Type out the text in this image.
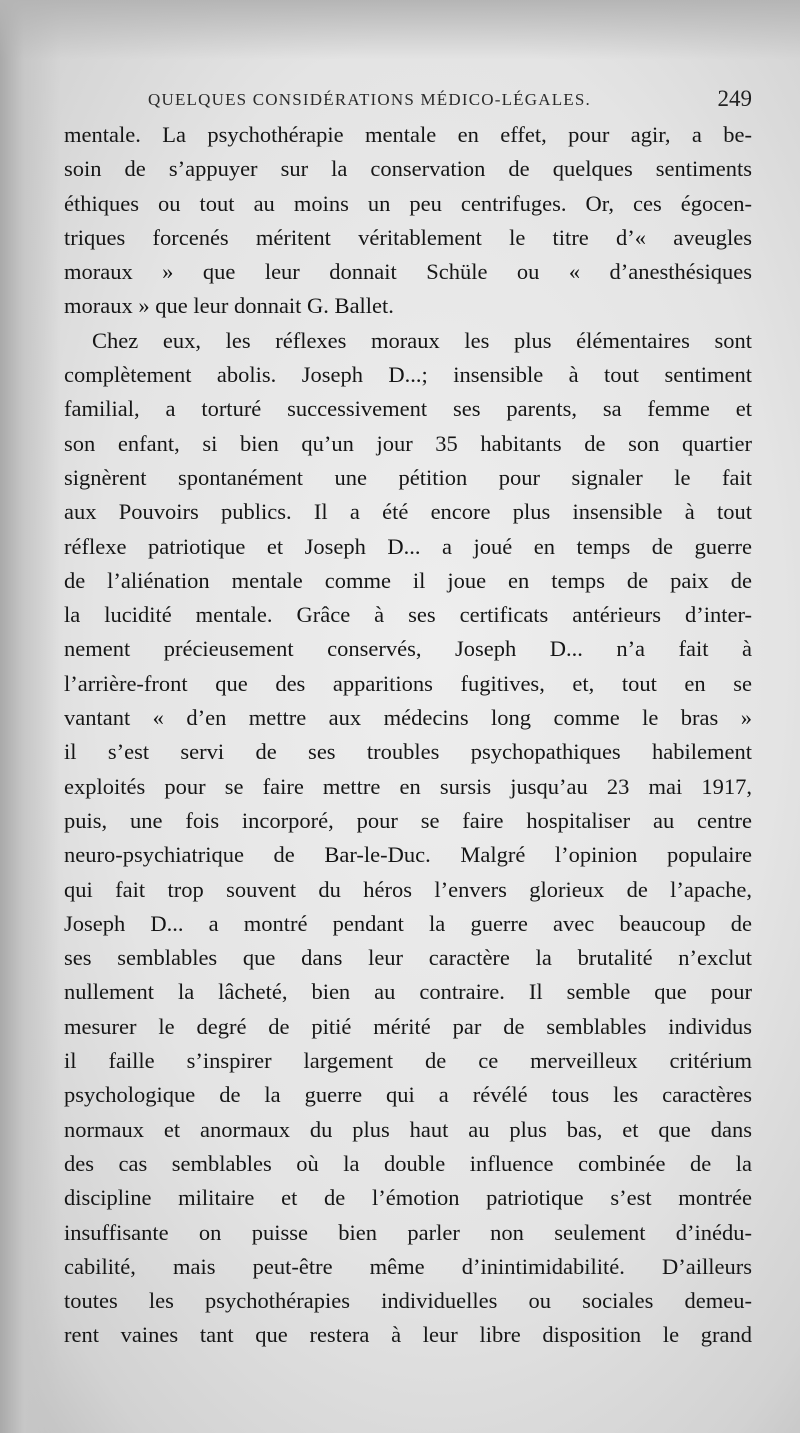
QUELQUES CONSIDÉRATIONS MÉDICO-LÉGALES.	249
mentale. La psychothérapie mentale en effet, pour agir, a be-
soin de s’appuyer sur la conservation de quelques sentiments
éthiques ou tout au moins un peu centrifuges. Or, ces égocen-
triques forcenés méritent véritablement le titre d’« aveugles
moraux » que leur donnait Schüle ou « d’anesthésiques
moraux » que leur donnait G. Ballet.
Chez eux, les réflexes moraux les plus élémentaires sont
complètement abolis. Joseph D...; insensible à tout sentiment
familial, a torturé successivement ses parents, sa femme et
son enfant, si bien qu’un jour 35 habitants de son quartier
signèrent spontanément une pétition pour signaler le fait
aux Pouvoirs publics. Il a été encore plus insensible à tout
réflexe patriotique et Joseph D... a joué en temps de guerre
de l’aliénation mentale comme il joue en temps de paix de
la lucidité mentale. Grâce à ses certificats antérieurs d’inter-
nement précieusement conservés, Joseph D... n’a fait à
l’arrière-front que des apparitions fugitives, et, tout en se
vantant « d’en mettre aux médecins long comme le bras »
il s’est servi de ses troubles psychopathiques habilement
exploités pour se faire mettre en sursis jusqu’au 23 mai 1917,
puis, une fois incorporé, pour se faire hospitaliser au centre
neuro-psychiatrique de Bar-le-Duc. Malgré l’opinion populaire
qui fait trop souvent du héros l’envers glorieux de l’apache,
Joseph D... a montré pendant la guerre avec beaucoup de
ses semblables que dans leur caractère la brutalité n’exclut
nullement la lâcheté, bien au contraire. Il semble que pour
mesurer le degré de pitié mérité par de semblables individus
il faille s’inspirer largement de ce merveilleux critérium
psychologique de la guerre qui a révélé tous les caractères
normaux et anormaux du plus haut au plus bas, et que dans
des cas semblables où la double influence combinée de la
discipline militaire et de l’émotion patriotique s’est montrée
insuffisante on puisse bien parler non seulement d’inédu-
cabilité, mais peut-être même d’inintimidabilité. D’ailleurs
toutes les psychothérapies individuelles ou sociales demeu-
rent vaines tant que restera à leur libre disposition le grand
